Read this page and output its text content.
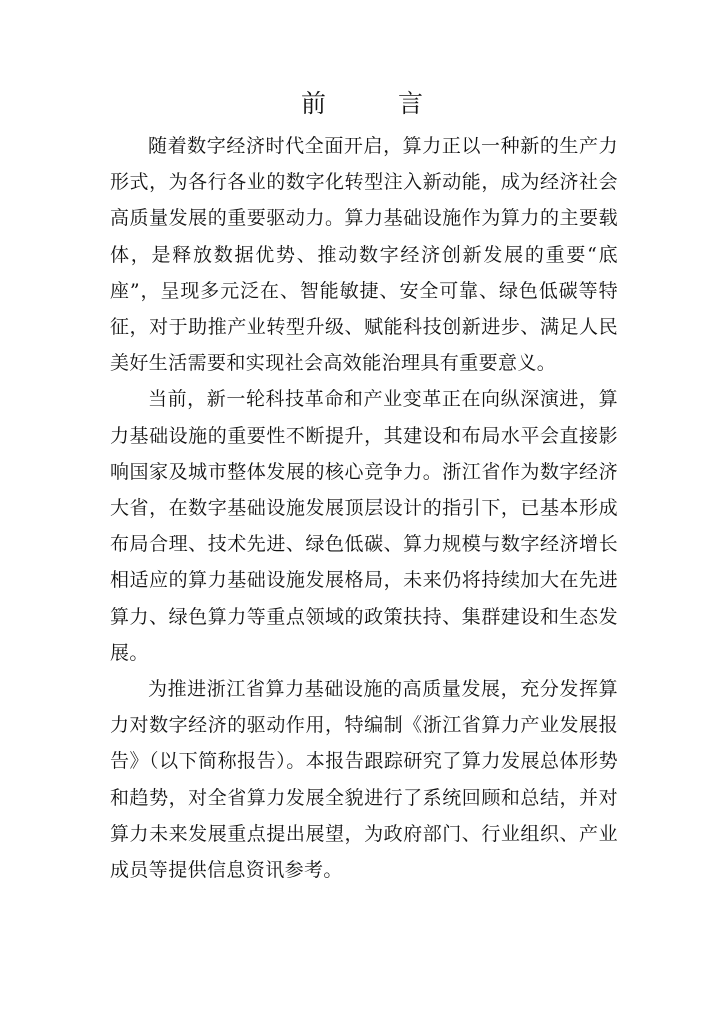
前 言

随着数字经济时代全面开启，算力正以一种新的生产力形式，为各行各业的数字化转型注入新动能，成为经济社会高质量发展的重要驱动力。算力基础设施作为算力的主要载体，是释放数据优势、推动数字经济创新发展的重要“底座”，呈现多元泛在、智能敏捷、安全可靠、绿色低碳等特征，对于助推产业转型升级、赋能科技创新进步、满足人民美好生活需要和实现社会高效能治理具有重要意义。

当前，新一轮科技革命和产业变革正在向纵深演进，算力基础设施的重要性不断提升，其建设和布局水平会直接影响国家及城市整体发展的核心竞争力。浙江省作为数字经济大省，在数字基础设施发展顶层设计的指引下，已基本形成布局合理、技术先进、绿色低碳、算力规模与数字经济增长相适应的算力基础设施发展格局，未来仍将持续加大在先进算力、绿色算力等重点领域的政策扶持、集群建设和生态发展。

为推进浙江省算力基础设施的高质量发展，充分发挥算力对数字经济的驱动作用，特编制《浙江省算力产业发展报告》（以下简称报告）。本报告跟踪研究了算力发展总体形势和趋势，对全省算力发展全貌进行了系统回顾和总结，并对算力未来发展重点提出展望，为政府部门、行业组织、产业成员等提供信息资讯参考。
